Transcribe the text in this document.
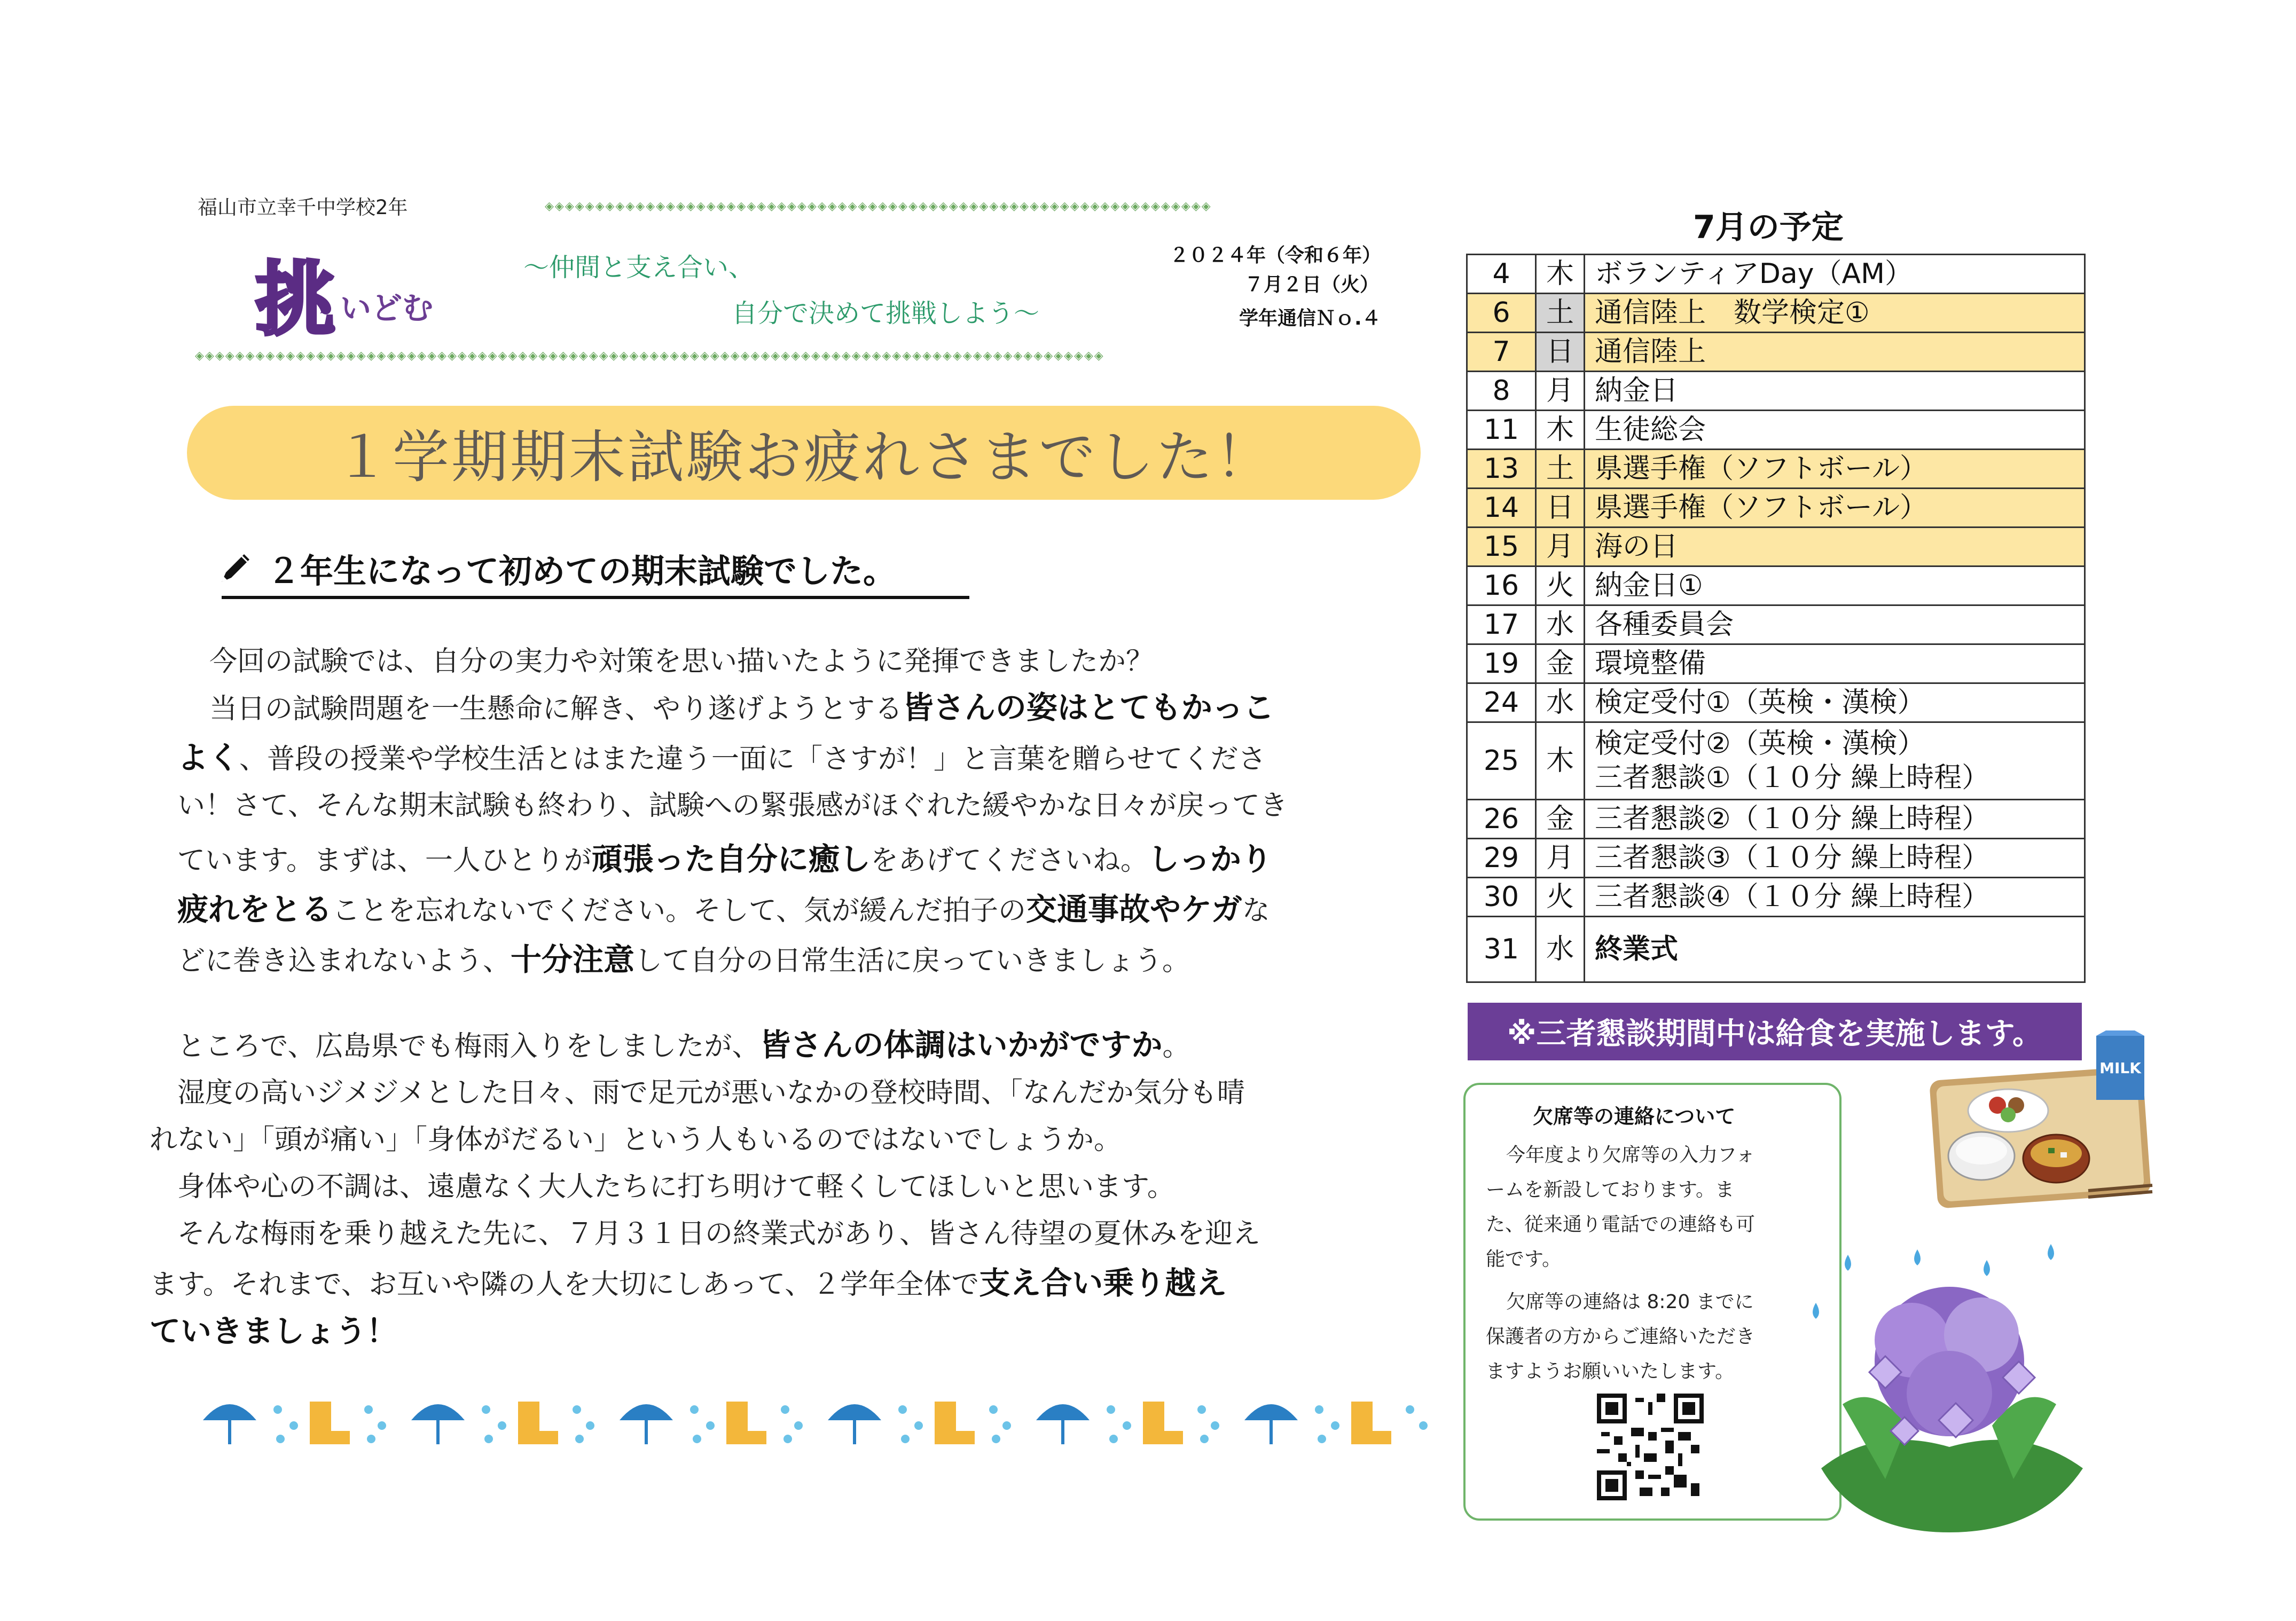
福山市立幸千中学校2年
挑 いどむ
～仲間と支え合い、
自分で決めて挑戦しよう～
２０２４年（令和６年）
７月２日（火）
学年通信Ｎｏ.４
◈◈◈◈◈◈◈◈◈◈◈◈◈◈◈◈◈◈◈◈◈◈◈◈◈◈◈◈◈◈◈◈◈◈◈◈◈◈◈◈◈◈◈◈◈◈◈◈◈◈◈◈◈◈◈◈◈◈◈◈◈◈◈◈◈◈
◈◈◈◈◈◈◈◈◈◈◈◈◈◈◈◈◈◈◈◈◈◈◈◈◈◈◈◈◈◈◈◈◈◈◈◈◈◈◈◈◈◈◈◈◈◈◈◈◈◈◈◈◈◈◈◈◈◈◈◈◈◈◈◈◈◈◈◈◈◈◈◈◈◈◈◈◈◈◈◈◈◈◈◈◈◈◈◈◈◈
１学期期末試験お疲れさまでした！
２年生になって初めての期末試験でした。
今回の試験では、自分の実力や対策を思い描いたように発揮できましたか？
当日の試験問題を一生懸命に解き、やり遂げようとする皆さんの姿はとてもかっこ
よく、普段の授業や学校生活とはまた違う一面に「さすが！」と言葉を贈らせてくださ
い！さて、そんな期末試験も終わり、試験への緊張感がほぐれた緩やかな日々が戻ってき
ています。まずは、一人ひとりが頑張った自分に癒しをあげてくださいね。しっかり
疲れをとることを忘れないでください。そして、気が緩んだ拍子の交通事故やケガな
どに巻き込まれないよう、十分注意して自分の日常生活に戻っていきましょう。
ところで、広島県でも梅雨入りをしましたが、皆さんの体調はいかがですか。
湿度の高いジメジメとした日々、雨で足元が悪いなかの登校時間、「なんだか気分も晴
れない」「頭が痛い」「身体がだるい」という人もいるのではないでしょうか。
身体や心の不調は、遠慮なく大人たちに打ち明けて軽くしてほしいと思います。
そんな梅雨を乗り越えた先に、７月３１日の終業式があり、皆さん待望の夏休みを迎え
ます。それまで、お互いや隣の人を大切にしあって、２学年全体で支え合い乗り越え
ていきましょう！
7月の予定
4	木	ボランティアDay（AM）
6	土	通信陸上　数学検定①
7	日	通信陸上
8	月	納金日
11	木	生徒総会
13	土	県選手権（ソフトボール）
14	日	県選手権（ソフトボール）
15	月	海の日
16	火	納金日①
17	水	各種委員会
19	金	環境整備
24	水	検定受付①（英検・漢検）
25	木	検定受付②（英検・漢検）
三者懇談①（１０分 繰上時程）

26	金	三者懇談②（１０分 繰上時程）
29	月	三者懇談③（１０分 繰上時程）
30	火	三者懇談④（１０分 繰上時程）
31	水	終業式
※三者懇談期間中は給食を実施します。
欠席等の連絡について
今年度より欠席等の入力フォ
ームを新設しております。ま
た、従来通り電話での連絡も可
能です。
欠席等の連絡は 8:20 までに
保護者の方からご連絡いただき
ますようお願いいたします。
MILK
